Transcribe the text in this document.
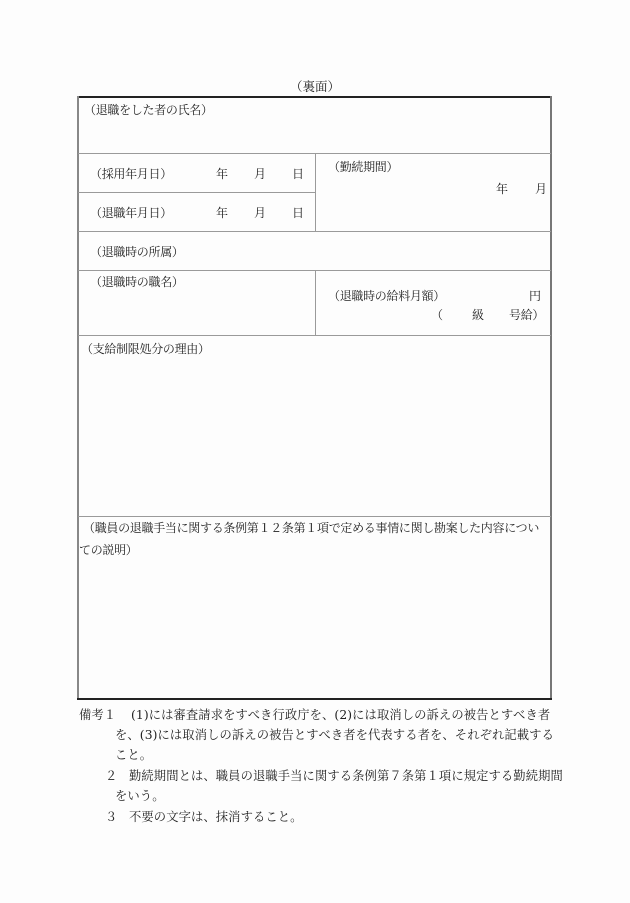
（裏面）
（退職をした者の氏名）
（採用年月日）	年 月 日
（退職年月日）	年 月 日
（勤続期間）
年 月
（退職時の所属）
（退職時の職名）
（退職時の給料月額）	円
（ 級 号給）
（支給制限処分の理由）
（職員の退職手当に関する条例第１２条第１項で定める事情に関し勘案した内容につい
ての説明）
備考１ (1)には審査請求をすべき行政庁を、(2)には取消しの訴えの被告とすべき者
を、(3)には取消しの訴えの被告とすべき者を代表する者を、それぞれ記載する
こと。
２ 勤続期間とは、職員の退職手当に関する条例第７条第１項に規定する勤続期間
をいう。
３ 不要の文字は、抹消すること。
